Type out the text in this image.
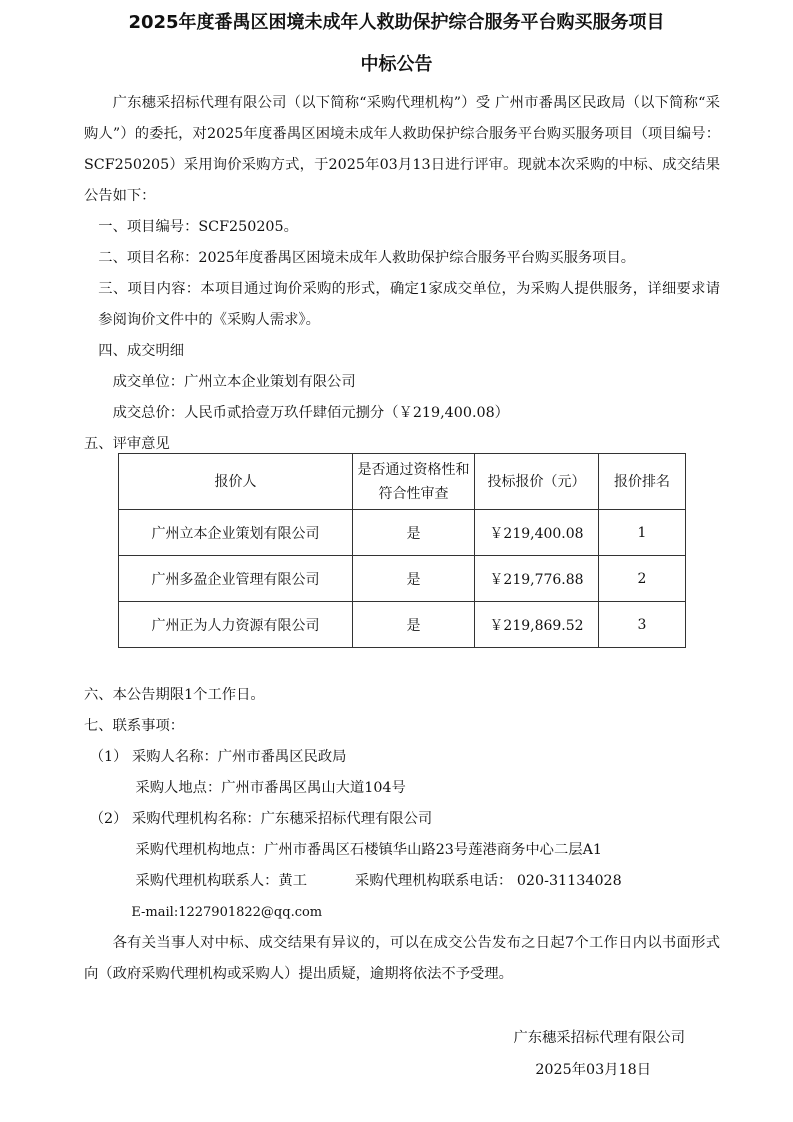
2025年度番禺区困境未成年人救助保护综合服务平台购买服务项目
中标公告

广东穗采招标代理有限公司（以下简称“采购代理机构”）受 广州市番禺区民政局（以下简称“采购人”）的委托，对2025年度番禺区困境未成年人救助保护综合服务平台购买服务项目（项目编号：SCF250205）采用询价采购方式，于2025年03月13日进行评审。现就本次采购的中标、成交结果公告如下：

一、项目编号：SCF250205。

二、项目名称：2025年度番禺区困境未成年人救助保护综合服务平台购买服务项目。

三、项目内容：本项目通过询价采购的形式，确定1家成交单位，为采购人提供服务，详细要求请参阅询价文件中的《采购人需求》。

四、成交明细

成交单位：广州立本企业策划有限公司

成交总价：人民币贰拾壹万玖仟肆佰元捌分（￥219,400.08）

五、评审意见

报价人	是否通过资格性和符合性审查	投标报价（元）	报价排名
广州立本企业策划有限公司	是	￥219,400.08	1
广州多盈企业管理有限公司	是	￥219,776.88	2
广州正为人力资源有限公司	是	￥219,869.52	3

六、本公告期限1个工作日。

七、联系事项：

（1） 采购人名称：广州市番禺区民政局

采购人地点：广州市番禺区禺山大道104号

（2） 采购代理机构名称：广东穗采招标代理有限公司

采购代理机构地点：广州市番禺区石楼镇华山路23号莲港商务中心二层A1

采购代理机构联系人：黄工	采购代理机构联系电话： 020-31134028

E-mail:1227901822@qq.com

各有关当事人对中标、成交结果有异议的，可以在成交公告发布之日起7个工作日内以书面形式向（政府采购代理机构或采购人）提出质疑，逾期将依法不予受理。

广东穗采招标代理有限公司

2025年03月18日
